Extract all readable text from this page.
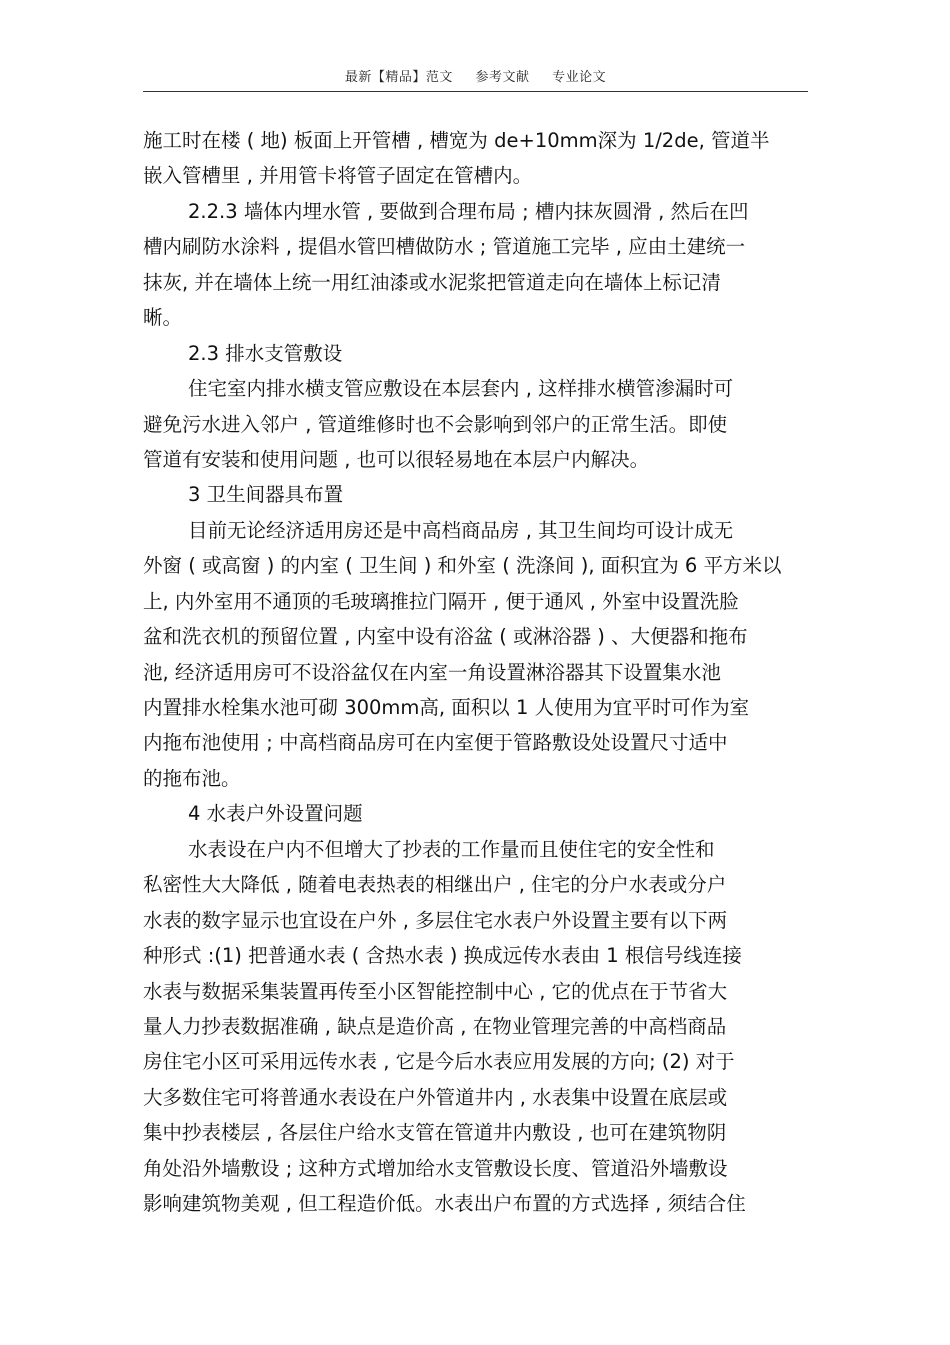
最新【精品】范文 参考文献 专业论文
施工时在楼 ( 地) 板面上开管槽 , 槽宽为 de+10mm深为 1/2de, 管道半
嵌入管槽里 , 并用管卡将管子固定在管槽内。
2.2.3 墙体内埋水管 , 要做到合理布局 ; 槽内抹灰圆滑 , 然后在凹
槽内刷防水涂料 , 提倡水管凹槽做防水 ; 管道施工完毕 , 应由土建统一
抹灰, 并在墙体上统一用红油漆或水泥浆把管道走向在墙体上标记清
晰。
2.3 排水支管敷设
住宅室内排水横支管应敷设在本层套内 , 这样排水横管渗漏时可
避免污水进入邻户 , 管道维修时也不会影响到邻户的正常生活。即使
管道有安装和使用问题 , 也可以很轻易地在本层户内解决。
3 卫生间器具布置
目前无论经济适用房还是中高档商品房 , 其卫生间均可设计成无
外窗 ( 或高窗 ) 的内室 ( 卫生间 ) 和外室 ( 洗涤间 ), 面积宜为 6 平方米以
上, 内外室用不通顶的毛玻璃推拉门隔开 , 便于通风 , 外室中设置洗脸
盆和洗衣机的预留位置 , 内室中设有浴盆 ( 或淋浴器 ) 、大便器和拖布
池, 经济适用房可不设浴盆仅在内室一角设置淋浴器其下设置集水池
内置排水栓集水池可砌 300mm高, 面积以 1 人使用为宜平时可作为室
内拖布池使用 ; 中高档商品房可在内室便于管路敷设处设置尺寸适中
的拖布池。
4 水表户外设置问题
水表设在户内不但增大了抄表的工作量而且使住宅的安全性和
私密性大大降低 , 随着电表热表的相继出户 , 住宅的分户水表或分户
水表的数字显示也宜设在户外 , 多层住宅水表户外设置主要有以下两
种形式 :(1) 把普通水表 ( 含热水表 ) 换成远传水表由 1 根信号线连接
水表与数据采集装置再传至小区智能控制中心 , 它的优点在于节省大
量人力抄表数据准确 , 缺点是造价高 , 在物业管理完善的中高档商品
房住宅小区可采用远传水表 , 它是今后水表应用发展的方向; (2) 对于
大多数住宅可将普通水表设在户外管道井内 , 水表集中设置在底层或
集中抄表楼层 , 各层住户给水支管在管道井内敷设 , 也可在建筑物阴
角处沿外墙敷设 ; 这种方式增加给水支管敷设长度、管道沿外墙敷设
影响建筑物美观 , 但工程造价低。水表出户布置的方式选择 , 须结合住
